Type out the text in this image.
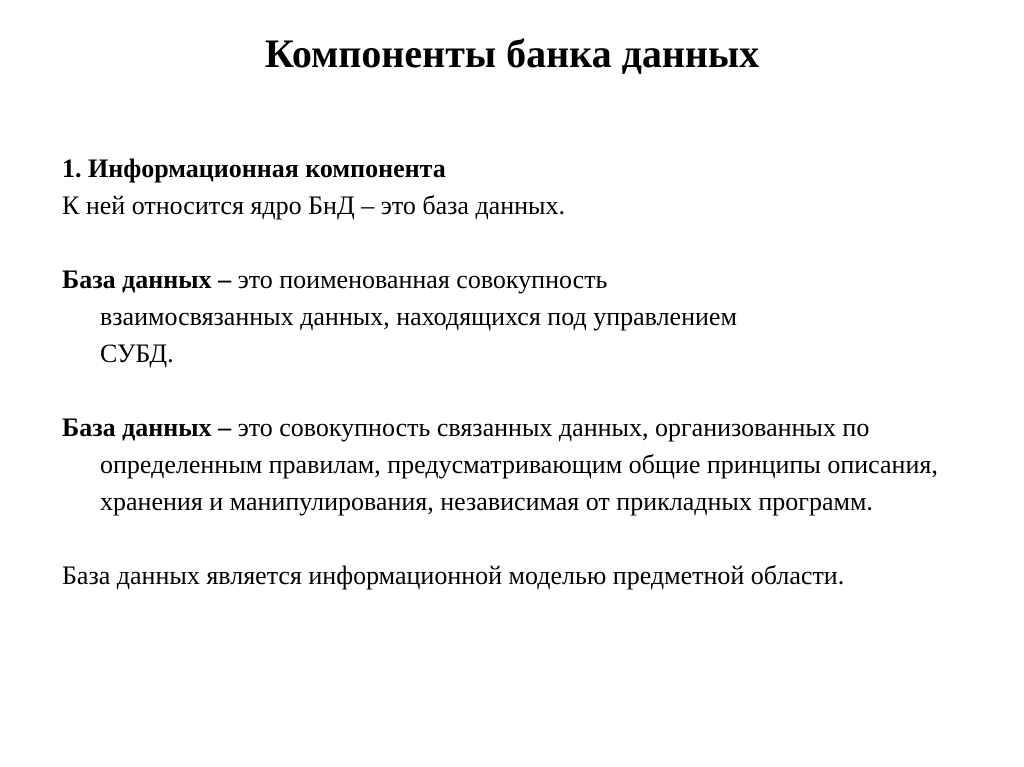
Компоненты банка данных

1. Информационная компонента

К ней относится ядро БнД – это база данных.

База данных – это поименованная совокупность взаимосвязанных данных, находящихся под управлением СУБД.

База данных – это совокупность связанных данных, организованных по определенным правилам, предусматривающим общие принципы описания, хранения и манипулирования, независимая от прикладных программ.

База данных является информационной моделью предметной области.
